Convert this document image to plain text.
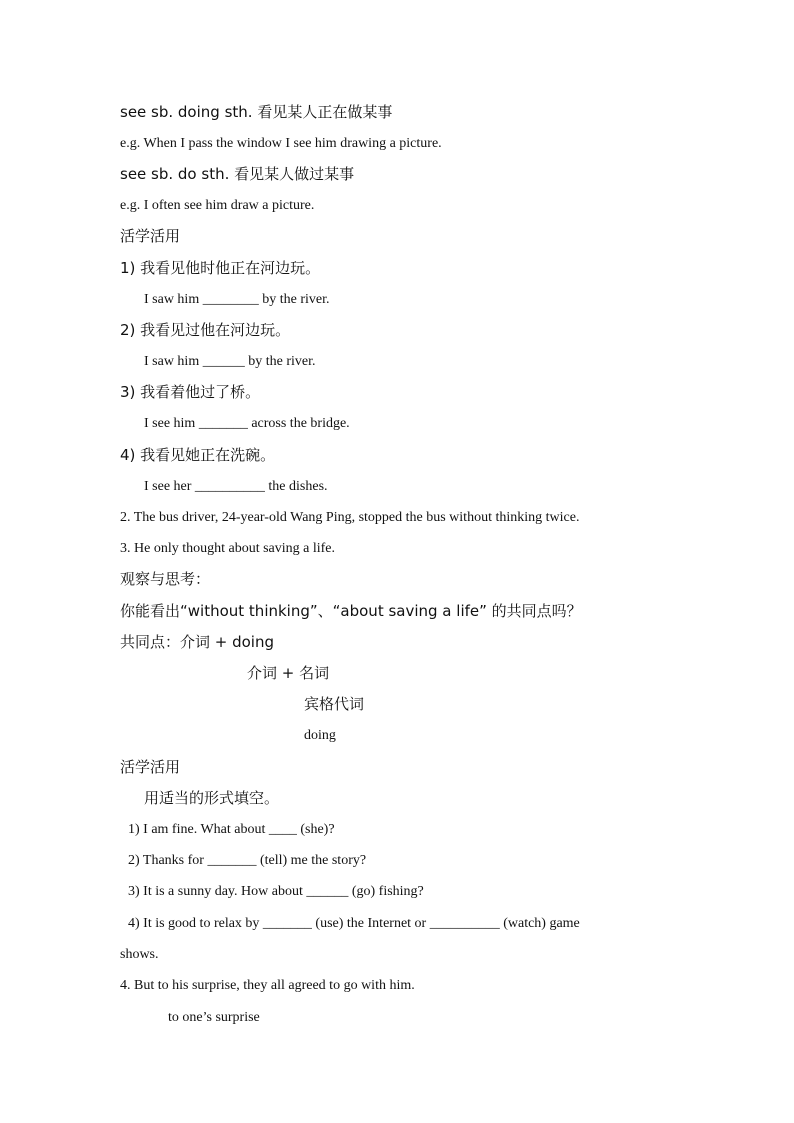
see sb. doing sth. 看见某人正在做某事
e.g. When I pass the window I see him drawing a picture.
see sb. do sth. 看见某人做过某事
e.g. I often see him draw a picture.
活学活用
1) 我看见他时他正在河边玩。
I saw him ________ by the river.
2) 我看见过他在河边玩。
I saw him ______ by the river.
3) 我看着他过了桥。
I see him _______ across the bridge.
4) 我看见她正在洗碗。
I see her __________ the dishes.
2. The bus driver, 24-year-old Wang Ping, stopped the bus without thinking twice.
3. He only thought about saving a life.
观察与思考：
你能看出“without thinking”、“about saving a life” 的共同点吗？
共同点：介词 + doing
介词 + 名词
宾格代词
doing
活学活用
用适当的形式填空。
1) I am fine. What about ____ (she)?
2) Thanks for _______ (tell) me the story?
3) It is a sunny day. How about ______ (go) fishing?
4) It is good to relax by _______ (use) the Internet or __________ (watch) game
shows.
4. But to his surprise, they all agreed to go with him.
to one’s surprise
